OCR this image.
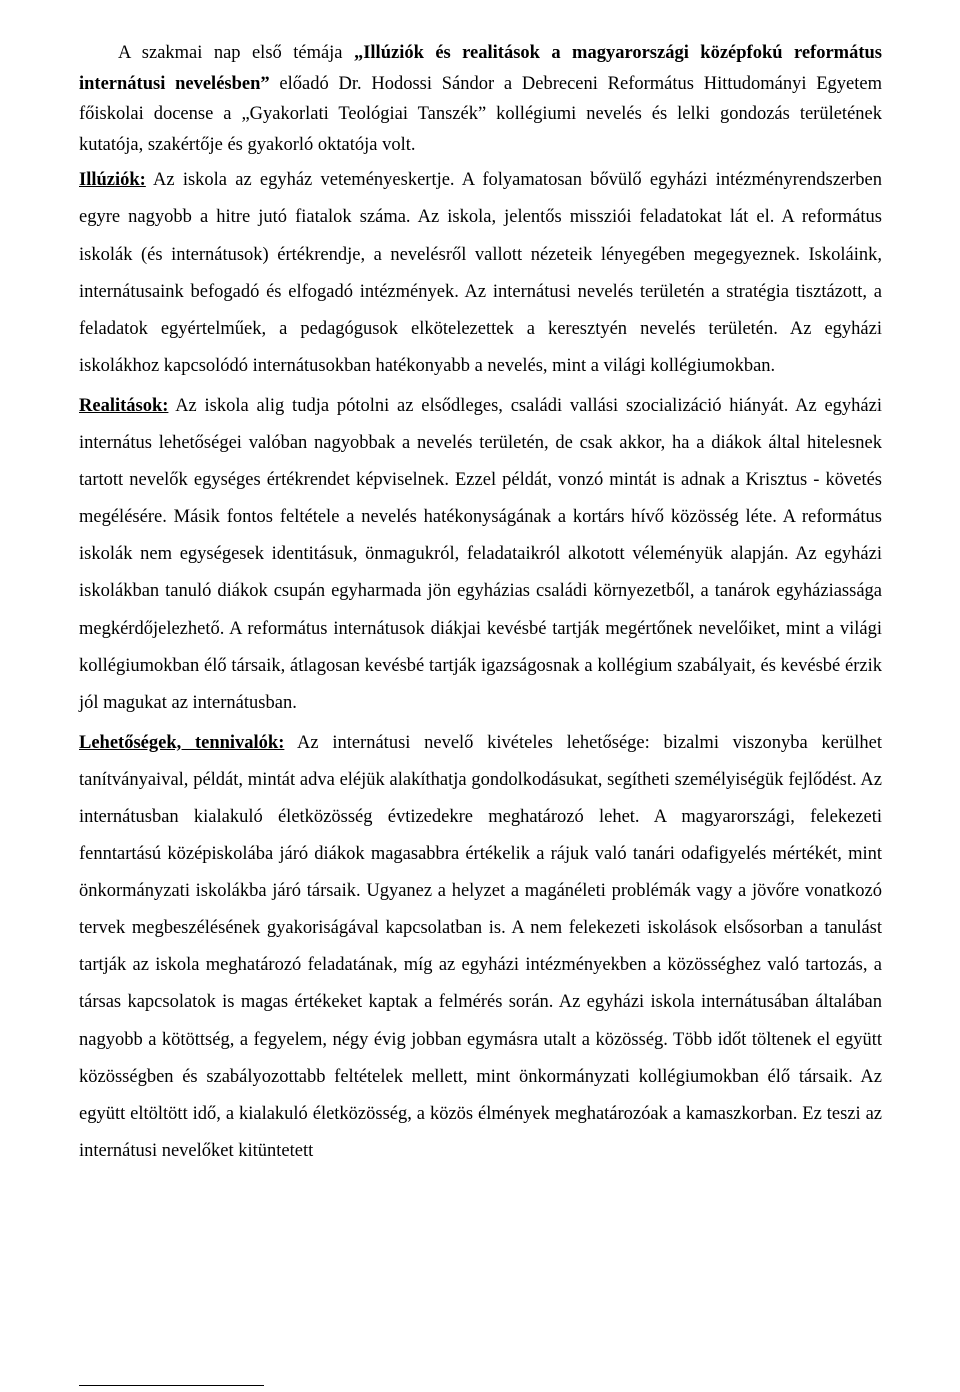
A szakmai nap első témája „Illúziók és realitások a magyarországi középfokú református internátusi nevelésben” előadó Dr. Hodossi Sándor a Debreceni Református Hittudományi Egyetem főiskolai docense a „Gyakorlati Teológiai Tanszék” kollégiumi nevelés és lelki gondozás területének kutatója, szakértője és gyakorló oktatója volt.

Illúziók: Az iskola az egyház veteményeskertje. A folyamatosan bővülő egyházi intézményrendszerben egyre nagyobb a hitre jutó fiatalok száma. Az iskola, jelentős missziói feladatokat lát el. A református iskolák (és internátusok) értékrendje, a nevelésről vallott nézeteik lényegében megegyeznek. Iskoláink, internátusaink befogadó és elfogadó intézmények. Az internátusi nevelés területén a stratégia tisztázott, a feladatok egyértelműek, a pedagógusok elkötelezettek a keresztyén nevelés területén. Az egyházi iskolákhoz kapcsolódó internátusokban hatékonyabb a nevelés, mint a világi kollégiumokban.

Realitások: Az iskola alig tudja pótolni az elsődleges, családi vallási szocializáció hiányát. Az egyházi internátus lehetőségei valóban nagyobbak a nevelés területén, de csak akkor, ha a diákok által hitelesnek tartott nevelők egységes értékrendet képviselnek. Ezzel példát, vonzó mintát is adnak a Krisztus - követés megélésére. Másik fontos feltétele a nevelés hatékonyságának a kortárs hívő közösség léte. A református iskolák nem egységesek identitásuk, önmagukról, feladataikról alkotott véleményük alapján. Az egyházi iskolákban tanuló diákok csupán egyharmada jön egyházias családi környezetből, a tanárok egyháziassága megkérdőjelezhető. A református internátusok diákjai kevésbé tartják megértőnek nevelőiket, mint a világi kollégiumokban élő társaik, átlagosan kevésbé tartják igazságosnak a kollégium szabályait, és kevésbé érzik jól magukat az internátusban.

Lehetőségek, tennivalók: Az internátusi nevelő kivételes lehetősége: bizalmi viszonyba kerülhet tanítványaival, példát, mintát adva eléjük alakíthatja gondolkodásukat, segítheti személyiségük fejlődést. Az internátusban kialakuló életközösség évtizedekre meghatározó lehet. A magyarországi, felekezeti fenntartású középiskolába járó diákok magasabbra értékelik a rájuk való tanári odafigyelés mértékét, mint önkormányzati iskolákba járó társaik. Ugyanez a helyzet a magánéleti problémák vagy a jövőre vonatkozó tervek megbeszélésének gyakoriságával kapcsolatban is. A nem felekezeti iskolások elsősorban a tanulást tartják az iskola meghatározó feladatának, míg az egyházi intézményekben a közösséghez való tartozás, a társas kapcsolatok is magas értékeket kaptak a felmérés során. Az egyházi iskola internátusában általában nagyobb a kötöttség, a fegyelem, négy évig jobban egymásra utalt a közösség. Több időt töltenek el együtt közösségben és szabályozottabb feltételek mellett, mint önkormányzati kollégiumokban élő társaik. Az együtt eltöltött idő, a kialakuló életközösség, a közös élmények meghatározóak a kamaszkorban. Ez teszi az internátusi nevelőket kitüntetett
